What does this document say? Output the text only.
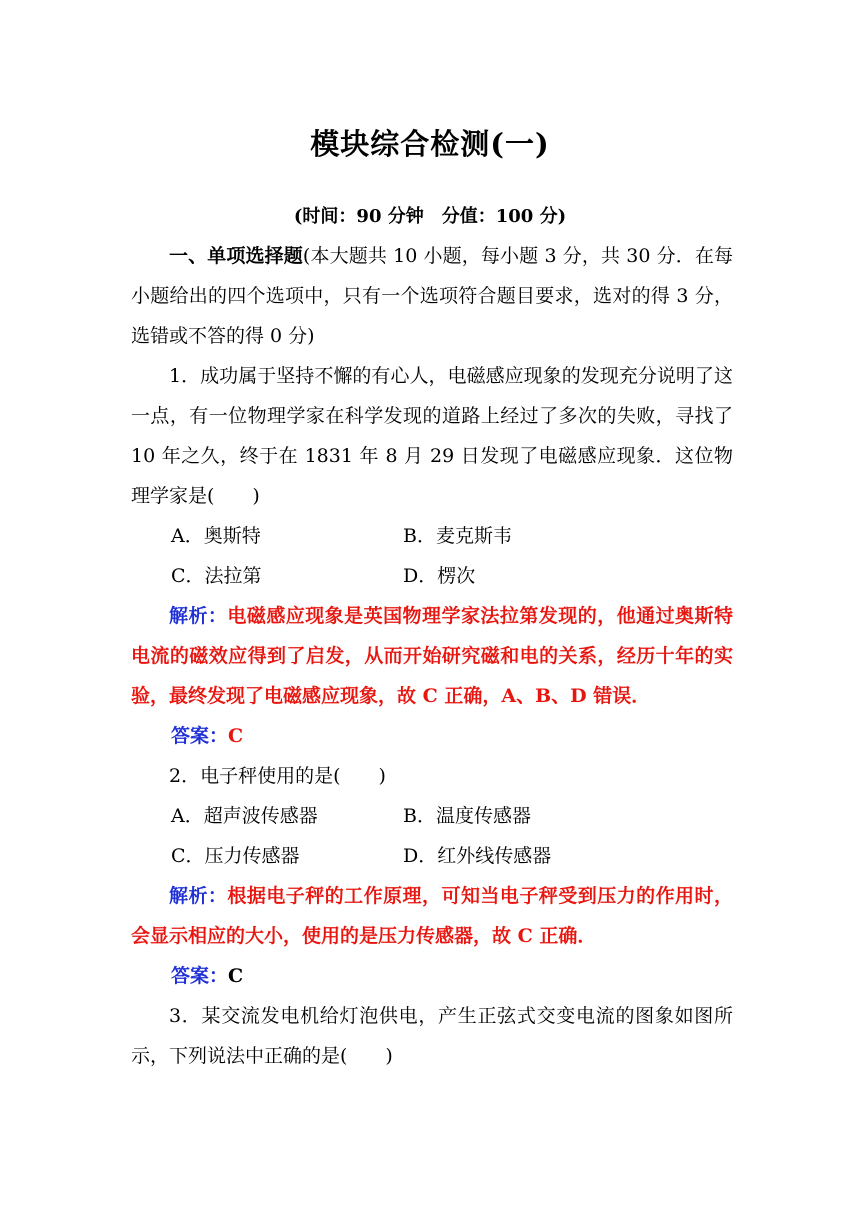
模块综合检测(一)
(时间：90 分钟　分值：100 分)

一、单项选择题(本大题共 10 小题，每小题 3 分，共 30 分．在每小题给出的四个选项中，只有一个选项符合题目要求，选对的得 3 分，选错或不答的得 0 分)

1．成功属于坚持不懈的有心人，电磁感应现象的发现充分说明了这一点，有一位物理学家在科学发现的道路上经过了多次的失败，寻找了 10 年之久，终于在 1831 年 8 月 29 日发现了电磁感应现象．这位物理学家是(　　)

A．奥斯特	B．麦克斯韦
C．法拉第	D．楞次

解析：电磁感应现象是英国物理学家法拉第发现的，他通过奥斯特电流的磁效应得到了启发，从而开始研究磁和电的关系，经历十年的实验，最终发现了电磁感应现象，故 C 正确，A、B、D 错误．

答案：C

2．电子秤使用的是(　　)

A．超声波传感器	B．温度传感器
C．压力传感器	D．红外线传感器

解析：根据电子秤的工作原理，可知当电子秤受到压力的作用时，会显示相应的大小，使用的是压力传感器，故 C 正确．

答案：C

3．某交流发电机给灯泡供电，产生正弦式交变电流的图象如图所示，下列说法中正确的是(　　)
